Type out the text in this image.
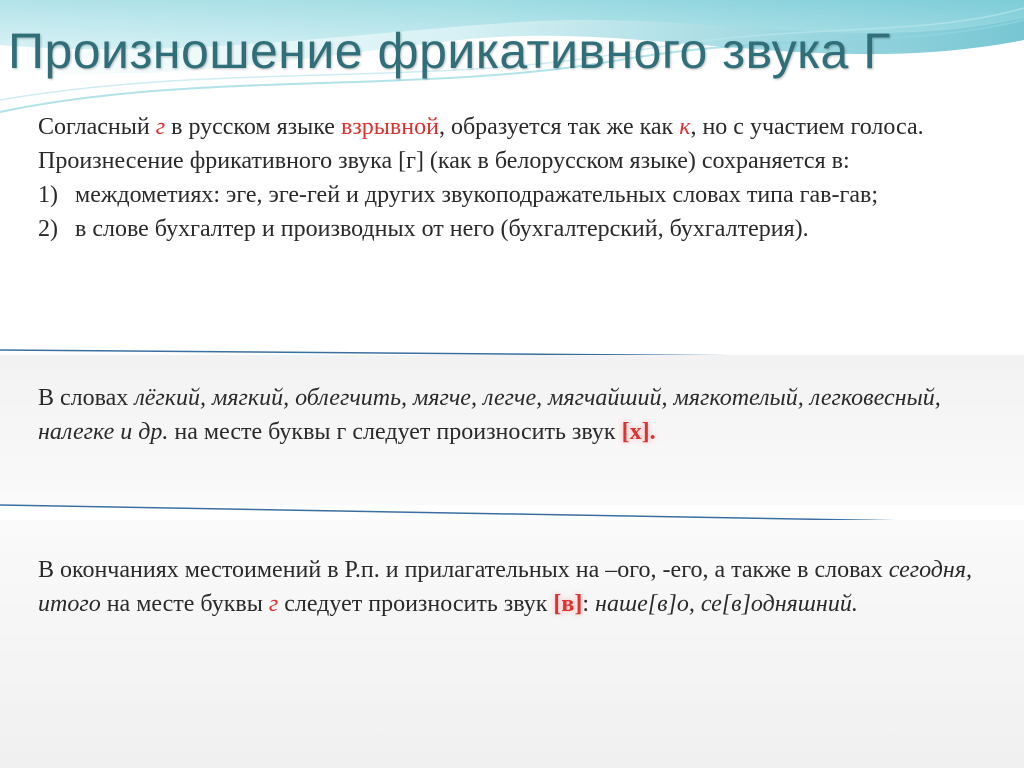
Произношение фрикативного звука Г
Согласный г в русском языке взрывной, образуется так же как к, но с участием голоса. Произнесение фрикативного звука [г] (как в белорусском языке) сохраняется в:
1) междометиях: эге, эге-гей и других звукоподражательных словах типа гав-гав;
2) в слове бухгалтер и производных от него (бухгалтерский, бухгалтерия).
В словах лёгкий, мягкий, облегчить, мягче, легче, мягчайший, мягкотелый, легковесный, налегке и др. на месте буквы г следует произносить звук [х].
В окончаниях местоимений в Р.п. и прилагательных на –ого, -его, а также в словах сегодня, итого на месте буквы г следует произносить звук [в]: наше[в]о, се[в]одняшний.
